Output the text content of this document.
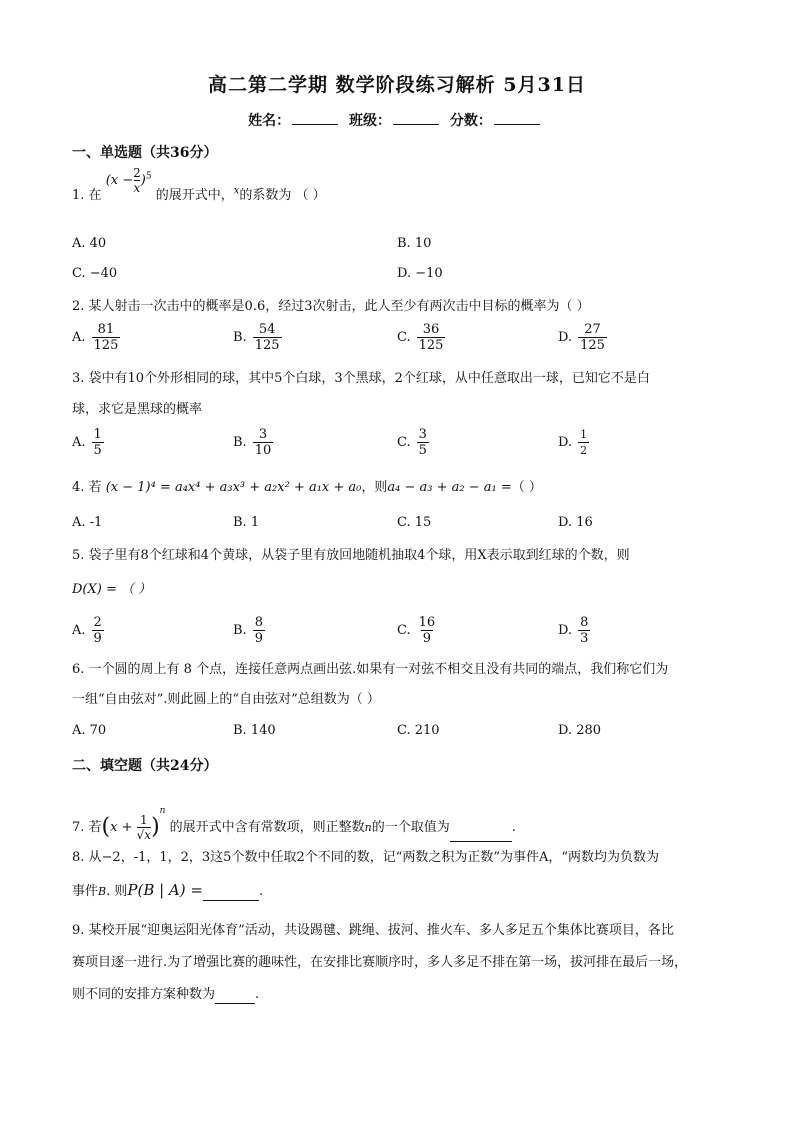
高二第二学期 数学阶段练习解析 5月31日
姓名：	班级：	分数：
一、单选题（共36分）
1. 在 $(x - \frac{2}{x} )^5$ 的展开式中，$^x$的系数为 （ ）
A. 40	B. 10
C. −40	D. −10
2. 某人射击一次击中的概率是0.6，经过3次射击，此人至少有两次击中目标的概率为（ ）
A. $\frac{81}{125}$	B. $\frac{54}{125}$	C. $\frac{36}{125}$	D. $\frac{27}{125}$
3. 袋中有10个外形相同的球，其中5个白球，3个黑球，2个红球，从中任意取出一球，已知它不是白
球，求它是黑球的概率
A. $\frac{1}{5}$	B. $\frac{3}{10}$	C. $\frac{3}{5}$	D. $\frac{1}{2}$
4. 若 (x − 1)⁴ = a₄x⁴ + a₃x³ + a₂x² + a₁x + a₀，则a₄ − a₃ + a₂ − a₁ =（ ）
A. -1	B. 1	C. 15	D. 16
5. 袋子里有8个红球和4个黄球，从袋子里有放回地随机抽取4个球，用X表示取到红球的个数，则
D(X) = （ ）
A. $\frac{2}{9}$	B. $\frac{8}{9}$	C. $\frac{16}{9}$	D. $\frac{8}{3}$
6. 一个圆的周上有 8 个点，连接任意两点画出弦.如果有一对弦不相交且没有共同的端点，我们称它们为
一组“自由弦对”.则此圆上的“自由弦对”总组数为（ ）
A. 70	B. 140	C. 210	D. 280
二、填空题（共24分）
7. 若$(x + \frac{1}{√x} )^n$ 的展开式中含有常数项，则正整数n的一个取值为	.
8. 从−2，-1，1，2，3这5个数中任取2个不同的数，记“两数之积为正数”为事件A，“两数均为负数为
事件B. 则P(B | A) =	.
9. 某校开展“迎奥运阳光体育”活动，共设踢毽、跳绳、拔河、推火车、多人多足五个集体比赛项目，各比
赛项目逐一进行.为了增强比赛的趣味性，在安排比赛顺序时，多人多足不排在第一场，拔河排在最后一场，
则不同的安排方案种数为	.
